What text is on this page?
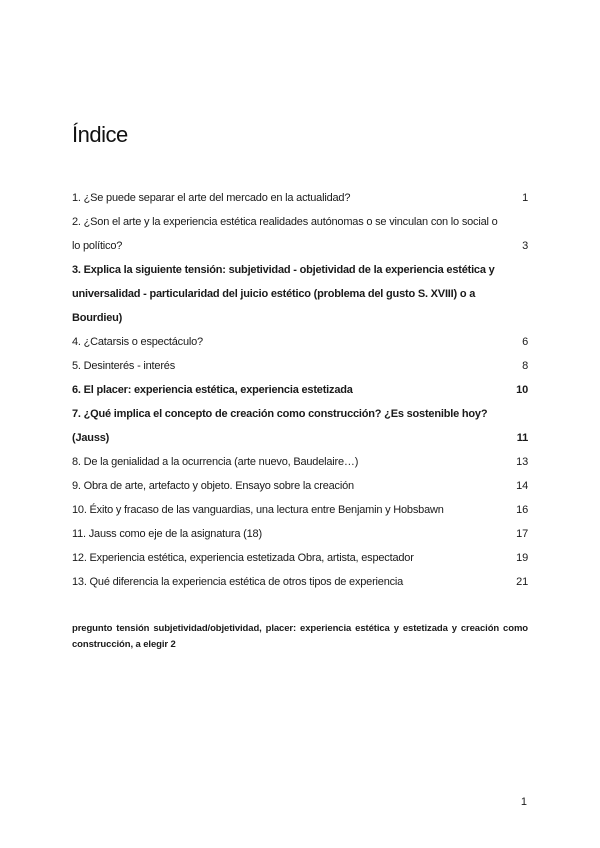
Índice
1. ¿Se puede separar el arte del mercado en la actualidad?	1
2. ¿Son el arte y la experiencia estética realidades autónomas o se vinculan con lo social o lo político?	3
3. Explica la siguiente tensión: subjetividad - objetividad de la experiencia estética y universalidad - particularidad del juicio estético (problema del gusto S. XVIII) o a Bourdieu)
4. ¿Catarsis o espectáculo?	6
5. Desinterés - interés	8
6. El placer: experiencia estética, experiencia estetizada	10
7. ¿Qué implica el concepto de creación como construcción? ¿Es sostenible hoy? (Jauss)	11
8. De la genialidad a la ocurrencia (arte nuevo, Baudelaire…)	13
9. Obra de arte, artefacto y objeto. Ensayo sobre la creación	14
10. Éxito y fracaso de las vanguardias, una lectura entre Benjamin y Hobsbawn	16
11. Jauss como eje de la asignatura (18)	17
12. Experiencia estética, experiencia estetizada Obra, artista, espectador	19
13. Qué diferencia la experiencia estética de otros tipos de experiencia	21
pregunto tensión subjetividad/objetividad, placer: experiencia estética y estetizada y creación como construcción, a elegir 2
1
